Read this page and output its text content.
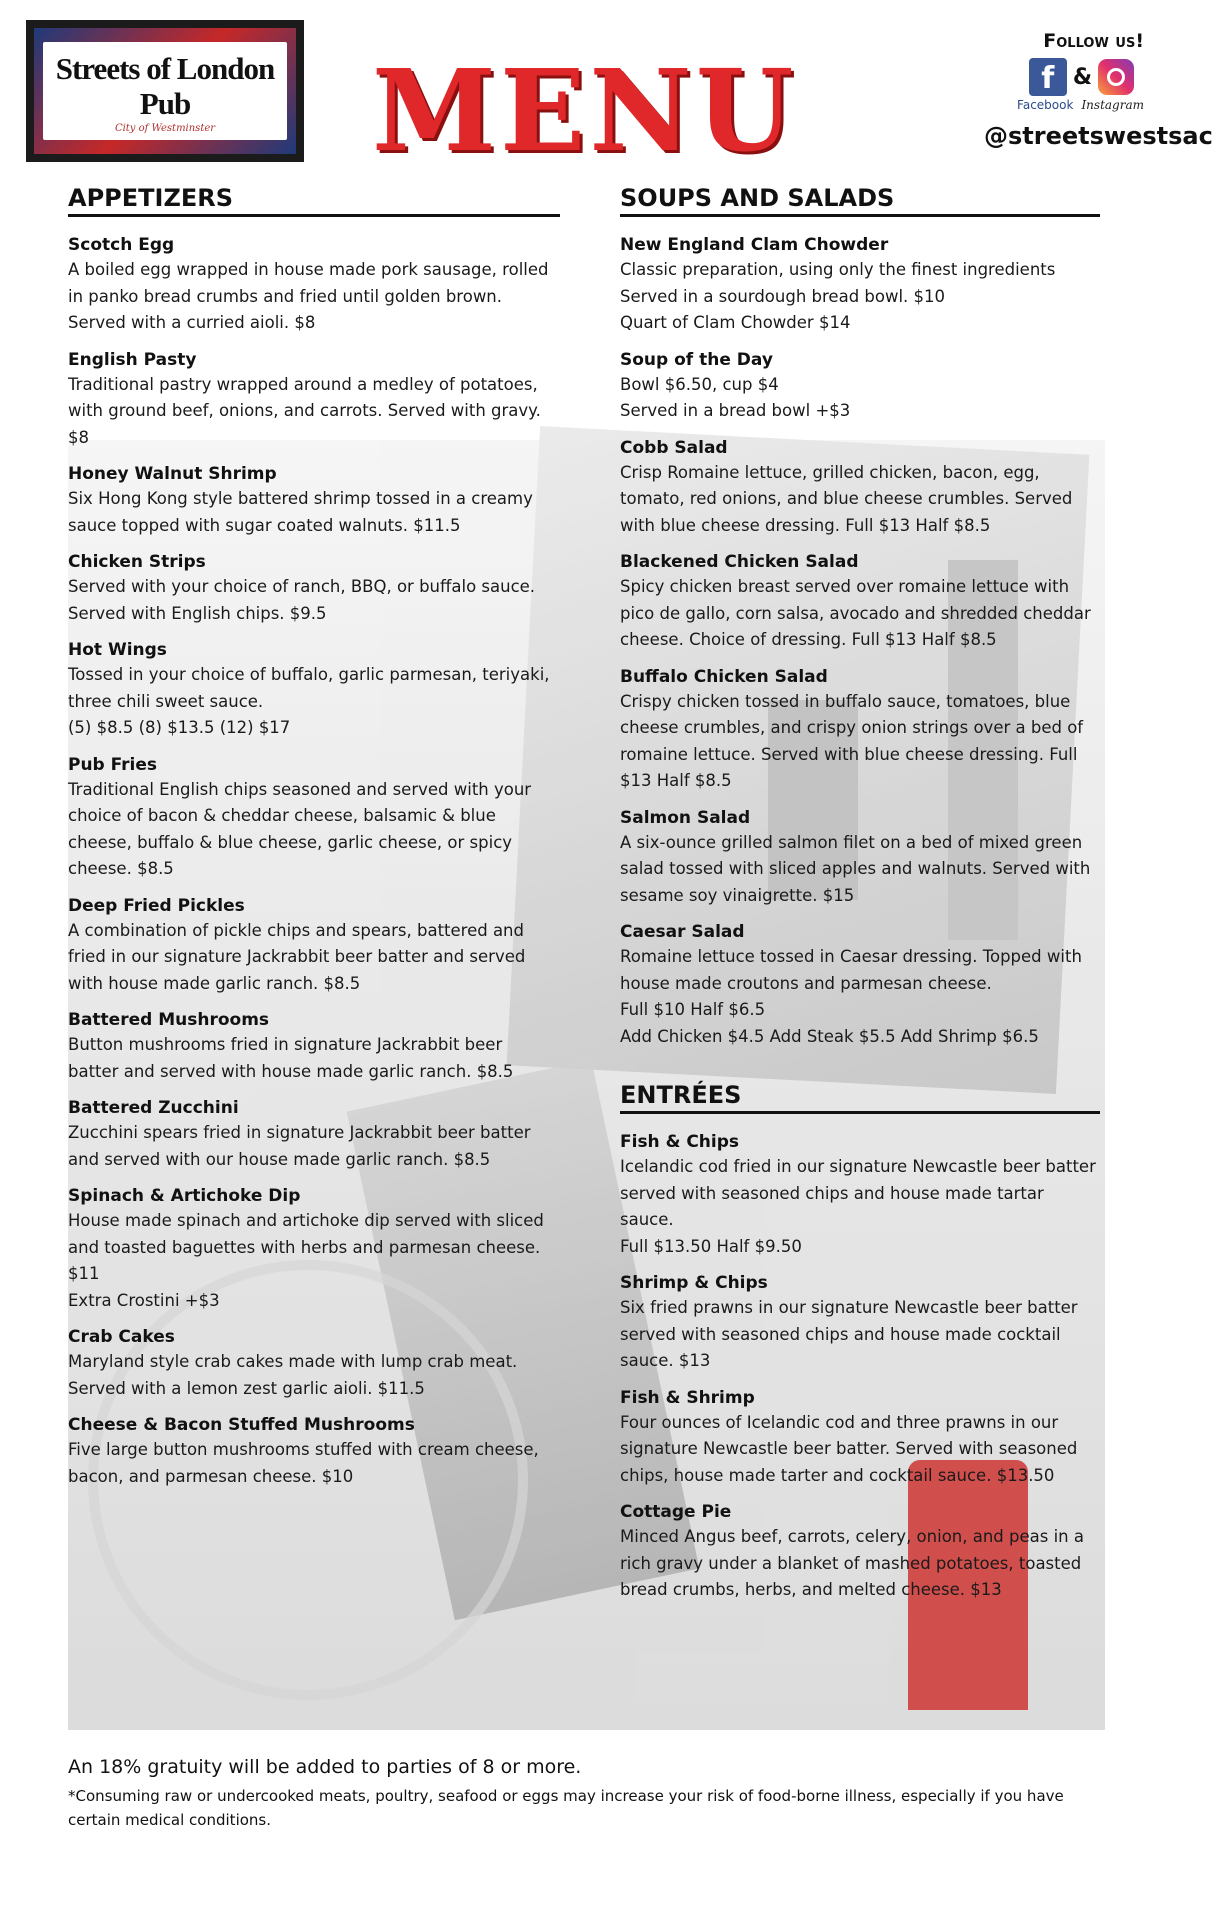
Streets of London Pub
City of Westminster	MENU
Follow us!
f &
Facebook Instagram
@streetswestsac
APPETIZERS
Scotch Egg
A boiled egg wrapped in house made pork sausage, rolled
in panko bread crumbs and fried until golden brown.
Served with a curried aioli. $8
English Pasty
Traditional pastry wrapped around a medley of potatoes,
with ground beef, onions, and carrots. Served with gravy.
$8
Honey Walnut Shrimp
Six Hong Kong style battered shrimp tossed in a creamy
sauce topped with sugar coated walnuts. $11.5
Chicken Strips
Served with your choice of ranch, BBQ, or buffalo sauce.
Served with English chips. $9.5
Hot Wings
Tossed in your choice of buffalo, garlic parmesan, teriyaki,
three chili sweet sauce.
(5) $8.5 (8) $13.5 (12) $17
Pub Fries
Traditional English chips seasoned and served with your
choice of bacon & cheddar cheese, balsamic & blue
cheese, buffalo & blue cheese, garlic cheese, or spicy
cheese. $8.5
Deep Fried Pickles
A combination of pickle chips and spears, battered and
fried in our signature Jackrabbit beer batter and served
with house made garlic ranch. $8.5
Battered Mushrooms
Button mushrooms fried in signature Jackrabbit beer
batter and served with house made garlic ranch. $8.5
Battered Zucchini
Zucchini spears fried in signature Jackrabbit beer batter
and served with our house made garlic ranch. $8.5
Spinach & Artichoke Dip
House made spinach and artichoke dip served with sliced
and toasted baguettes with herbs and parmesan cheese.
$11
Extra Crostini +$3
Crab Cakes
Maryland style crab cakes made with lump crab meat.
Served with a lemon zest garlic aioli. $11.5
Cheese & Bacon Stuffed Mushrooms
Five large button mushrooms stuffed with cream cheese,
bacon, and parmesan cheese. $10
SOUPS AND SALADS
New England Clam Chowder
Classic preparation, using only the finest ingredients
Served in a sourdough bread bowl. $10
Quart of Clam Chowder $14
Soup of the Day
Bowl $6.50, cup $4
Served in a bread bowl +$3
Cobb Salad
Crisp Romaine lettuce, grilled chicken, bacon, egg,
tomato, red onions, and blue cheese crumbles. Served
with blue cheese dressing. Full $13 Half $8.5
Blackened Chicken Salad
Spicy chicken breast served over romaine lettuce with
pico de gallo, corn salsa, avocado and shredded cheddar
cheese. Choice of dressing. Full $13 Half $8.5
Buffalo Chicken Salad
Crispy chicken tossed in buffalo sauce, tomatoes, blue
cheese crumbles, and crispy onion strings over a bed of
romaine lettuce. Served with blue cheese dressing. Full
$13 Half $8.5
Salmon Salad
A six-ounce grilled salmon filet on a bed of mixed green
salad tossed with sliced apples and walnuts. Served with
sesame soy vinaigrette. $15
Caesar Salad
Romaine lettuce tossed in Caesar dressing. Topped with
house made croutons and parmesan cheese.
Full $10 Half $6.5
Add Chicken $4.5 Add Steak $5.5 Add Shrimp $6.5
ENTRÉES
Fish & Chips
Icelandic cod fried in our signature Newcastle beer batter
served with seasoned chips and house made tartar sauce.
Full $13.50 Half $9.50
Shrimp & Chips
Six fried prawns in our signature Newcastle beer batter
served with seasoned chips and house made cocktail
sauce. $13
Fish & Shrimp
Four ounces of Icelandic cod and three prawns in our
signature Newcastle beer batter. Served with seasoned
chips, house made tarter and cocktail sauce. $13.50
Cottage Pie
Minced Angus beef, carrots, celery, onion, and peas in a
rich gravy under a blanket of mashed potatoes, toasted
bread crumbs, herbs, and melted cheese. $13
An 18% gratuity will be added to parties of 8 or more.
*Consuming raw or undercooked meats, poultry, seafood or eggs may increase your risk of food-borne illness, especially if you have certain medical conditions.
